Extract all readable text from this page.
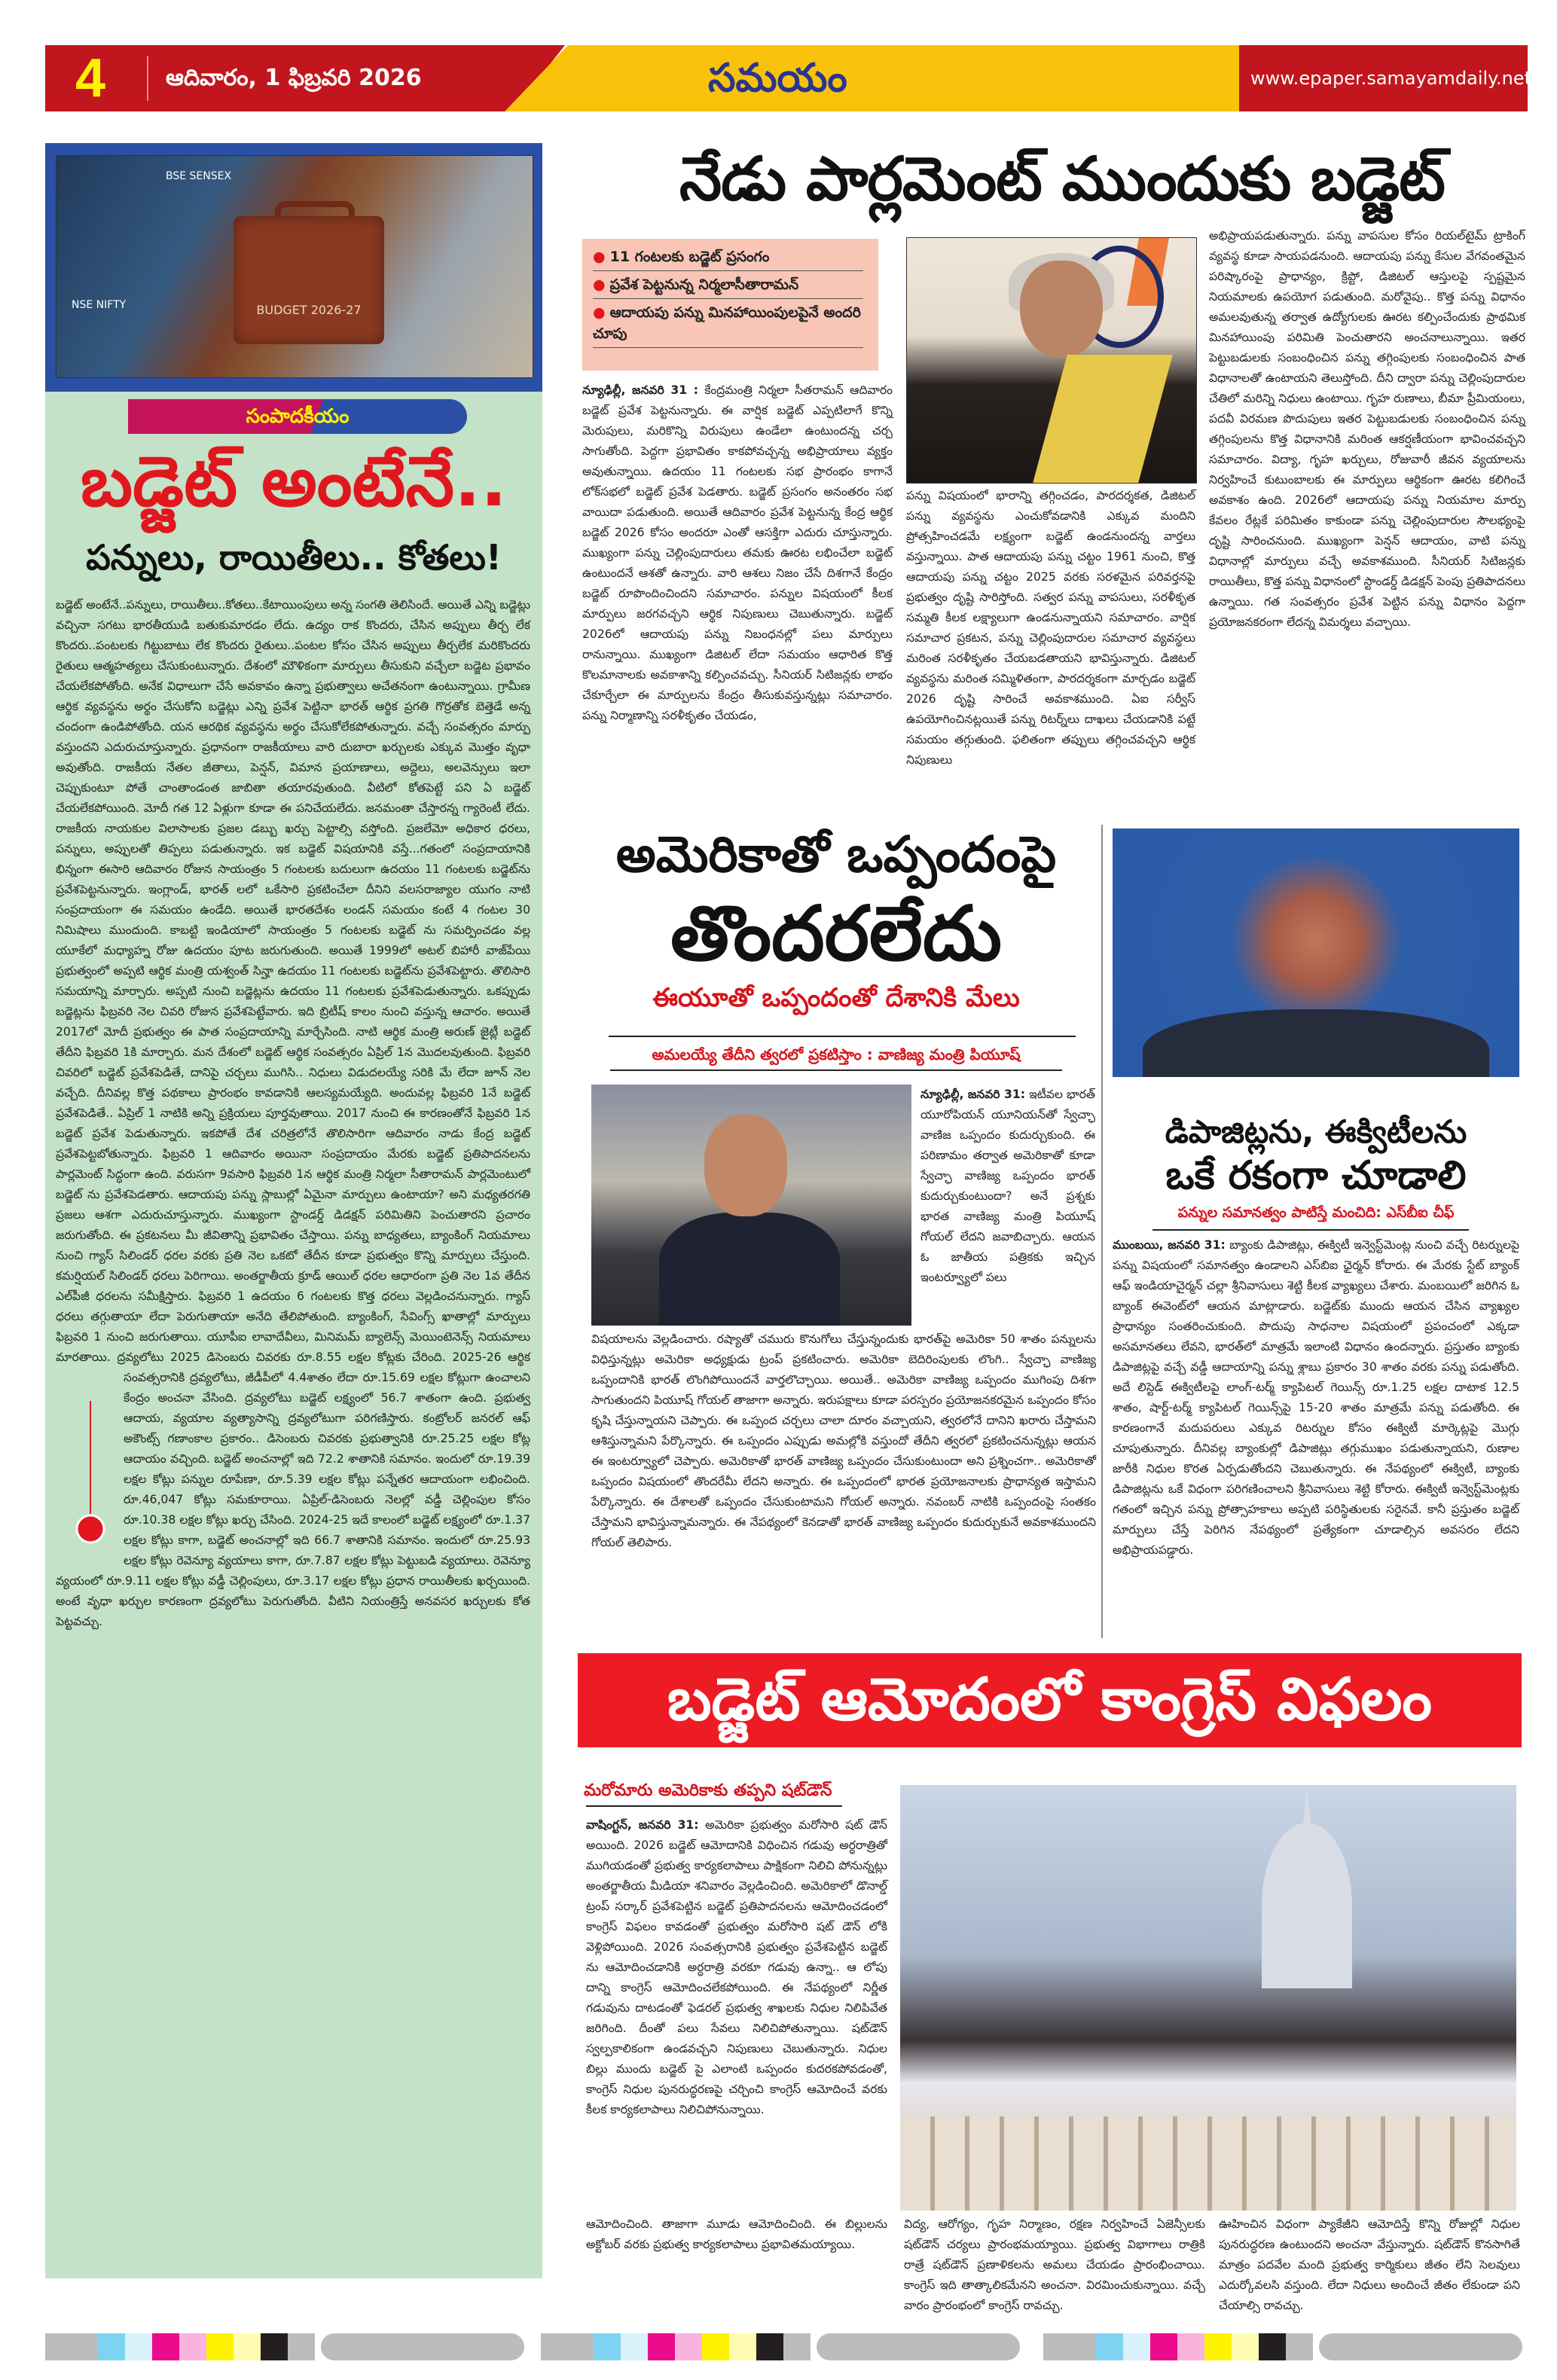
4	ఆదివారం, 1 ఫిబ్రవరి 2026	సమయం	www.epaper.samayamdaily.net
BSE SENSEX
NSE NIFTY	BUDGET 2026-27
సంపాదకీయం
బడ్జెట్ అంటేనే..
పన్నులు, రాయితీలు.. కోతలు!
బడ్జెట్ అంటేనే..పన్నులు, రాయితీలు..కోతలు..కేటాయింపులు అన్న సంగతి తెలిసిందే. అయితే ఎన్ని బడ్జెట్లు వచ్చినా సగటు భారతీయుడి బతుకుమారడం లేదు. ఉద్యం రాక కొందరు, చేసిన అప్పులు తీర్చ లేక కొందరు..పంటలకు గిట్టుబాటు లేక కొందరు రైతులు..పంటల కోసం చేసిన అప్పులు తీర్చలేక మరికొందరు రైతులు ఆత్మహత్యలు చేసుకుంటున్నారు. దేశంలో మౌళికంగా మార్పులు తీసుకుని వచ్చేలా బడ్జెట ప్రభావం చేయలేకపోతోంది. అనేక విధాలుగా చేసే అవకావం ఉన్నా ప్రభుత్వాలు అచేతనంగా ఉంటున్నాయి. గ్రామీణ ఆర్థిక వ్యవస్థను అర్థం చేసుకోని బడ్జెట్లు ఎన్ని ప్రవేశ పెట్టినా భారత్ ఆర్థిక ప్రగతి గొర్రతోక బెత్తెడే అన్న చందంగా ఉండిపోతోంది. యన ఆరథిక వ్యవస్థను అర్థం చేసుకోలేకపోతున్నారు. వచ్చే సంవత్సరం మార్పు వస్తుందని ఎదురుచూస్తున్నారు. ప్రధానంగా రాజకీయాలు వారి దుబారా ఖర్చులకు ఎక్కువ మొత్తం వృధా అవుతోంది. రాజకీయ నేతల జీతాలు, పెన్షన్, విమాన ప్రయాణాలు, అద్దెలు, అలవెన్సులు ఇలా చెప్పుకుంటూ పోతే చాంతాండంత జాబితా తయారవుతుంది. వీటిలో కోతపెట్టే పని ఏ బడ్జెట్ చేయలేకపోయింది. మోదీ గత 12 ఏళ్లుగా కూడా ఈ పనిచేయలేదు. జనమంతా చేస్తారన్న గ్యారెంటీ లేదు. రాజకీయ నాయకుల విలాసాలకు ప్రజల డబ్బు ఖర్చు పెట్టాల్సి వస్తోంది. ప్రజలేమో అధికార ధరలు, పన్నులు, అప్పులతో తిప్పలు పడుతున్నారు. ఇక బడ్జెట్ విషయానికి వస్తే...గతంలో సంప్రదాయానికి భిన్నంగా ఈసారి ఆదివారం రోజున సాయంత్రం 5 గంటలకు బదులుగా ఉదయం 11 గంటలకు బడ్జెట్‌ను ప్రవేశపెట్టనున్నారు. ఇంగ్లాండ్, భారత్ లలో ఒకేసారి ప్రకటించేలా దీనిని వలసరాజ్యాల యుగం నాటి సంప్రదాయంగా ఈ సమయం ఉండేది. అయితే భారతదేశం లండన్ సమయం కంటే 4 గంటల 30 నిమిషాలు ముందుంది. కాబట్టి ఇండియాలో సాయంత్రం 5 గంటలకు బడ్జెట్ ను సమర్పించడం వల్ల యూకేలో మధ్యాహ్న రోజు ఉదయం పూట జరుగుతుంది. అయితే 1999లో అటల్ బిహారీ వాజ్‌పేయి ప్రభుత్వంలో అప్పటి ఆర్థిక మంత్రి యశ్వంత్ సిన్హా ఉదయం 11 గంటలకు బడ్జెట్‌ను ప్రవేశపెట్టారు. తొలిసారి సమయాన్ని మార్చారు. అప్పటి నుంచి బడ్జెట్లను ఉదయం 11 గంటలకు ప్రవేశపెడుతున్నారు. ఒకప్పుడు బడ్జెట్లను ఫిబ్రవరి నెల చివరి రోజున ప్రవేశపెట్టేవారు. ఇది బ్రిటీష్ కాలం నుంచి వస్తున్న ఆచారం. అయితే 2017లో మోదీ ప్రభుత్వం ఈ పాత సంప్రదాయాన్ని మార్చేసింది. నాటి ఆర్థిక మంత్రి అరుణ్ జైట్లీ బడ్జెట్ తేదీని ఫిబ్రవరి 1కి మార్చారు. మన దేశంలో బడ్జెట్ ఆర్థిక సంవత్సరం ఏప్రిల్ 1న మొదలవుతుంది. ఫిబ్రవరి చివరిలో బడ్జెట్ ప్రవేశపెడితే, దానిపై చర్చలు ముగిసి.. నిధులు విడుదలయ్యే సరికి మే లేదా జూన్ నెల వచ్చేది. దీనివల్ల కొత్త పథకాలు ప్రారంభం కావడానికి ఆలస్యమయ్యేది. అందువల్ల ఫిబ్రవరి 1నే బడ్జెట్ ప్రవేశపెడితే.. ఏప్రిల్ 1 నాటికి అన్ని ప్రక్రియలు పూర్తవుతాయి. 2017 నుంచి ఈ కారణంతోనే ఫిబ్రవరి 1న బడ్జెట్ ప్రవేశ పెడుతున్నారు. ఇకపోతే దేశ చరిత్రలోనే తొలిసారిగా ఆదివారం నాడు కేంద్ర బడ్జెట్ ప్రవేశపెట్టబోతున్నారు. ఫిబ్రవరి 1 ఆదివారం అయినా సంప్రదాయం మేరకు బడ్జెట్ ప్రతిపాదనలను పార్లమెంట్ సిద్ధంగా ఉంది. వరుసగా 9వసారి ఫిబ్రవరి 1న ఆర్థిక మంత్రి నిర్మలా సీతారామన్ పార్లమెంటులో బడ్జెట్ ను ప్రవేశపెడతారు. ఆదాయపు పన్ను స్లాబుల్లో ఏమైనా మార్పులు ఉంటాయా? అని మధ్యతరగతి ప్రజలు ఆశగా ఎదురుచూస్తున్నారు. ముఖ్యంగా స్టాండర్డ్ డిడక్షన్ పరిమితిని పెంచుతారని ప్రచారం జరుగుతోంది. ఈ ప్రకటనలు మీ జీవితాన్ని ప్రభావితం చేస్తాయి. పన్ను బాధ్యతలు, బ్యాంకింగ్ నియమాలు నుంచి గ్యాస్ సిలిండర్ ధరల వరకు ప్రతి నెల ఒకటో తేదీన కూడా ప్రభుత్వం కొన్ని మార్పులు చేస్తుంది. కమర్షియల్ సిలిండర్ ధరలు పెరిగాయి. అంతర్జాతీయ క్రూడ్ ఆయిల్ ధరల ఆధారంగా ప్రతి నెల 1వ తేదీన ఎల్‌పీజీ ధరలను సమీక్షిస్తారు. ఫిబ్రవరి 1 ఉదయం 6 గంటలకు కొత్త ధరలు వెల్లడించనున్నారు. గ్యాస్ ధరలు తగ్గుతాయా లేదా పెరుగుతాయా అనేది తేలిపోతుంది. బ్యాంకింగ్, సేవింగ్స్ ఖాతాల్లో మార్పులు ఫిబ్రవరి 1 నుంచి జరుగుతాయి. యూపీఐ లావాదేవీలు, మినిమమ్ బ్యాలెన్స్ మెయింటెనెన్స్ నియమాలు మారతాయి. ద్రవ్యలోటు 2025 డిసెంబరు చివరకు రూ.8.55 లక్షల కోట్లకు చేరింది. 2025-26 ఆర్థిక సంవత్సరానికి ద్రవ్యలోటు, జీడీపీలో 4.4శాతం లేదా రూ.15.69 లక్షల కోట్లుగా ఉంచాలని కేంద్రం అంచనా వేసింది. ద్రవ్యలోటు బడ్జెట్ లక్ష్యంలో 56.7 శాతంగా ఉంది. ప్రభుత్వ ఆదాయ, వ్యయాల వ్యత్యాసాన్ని ద్రవ్యలోటుగా పరిగణిస్తారు. కంట్రోలర్ జనరల్ ఆఫ్ అకౌంట్స్ గణాంకాల ప్రకారం.. డిసెంబరు చివరకు ప్రభుత్వానికి రూ.25.25 లక్షల కోట్ల ఆదాయం వచ్చింది. బడ్జెట్ అంచనాల్లో ఇది 72.2 శాతానికి సమానం. ఇందులో రూ.19.39 లక్షల కోట్లు పన్నుల రూపేణా, రూ.5.39 లక్షల కోట్లు పన్నేతర ఆదాయంగా లభించింది. రూ.46,047 కోట్లు సమకూరాయి. ఏప్రిల్-డిసెంబరు నెలల్లో వడ్డీ చెల్లింపుల కోసం రూ.10.38 లక్షల కోట్లు ఖర్చు చేసింది. 2024-25 ఇదే కాలంలో బడ్జెట్ లక్ష్యంలో రూ.1.37 లక్షల కోట్లు కాగా, బడ్జెట్ అంచనాల్లో ఇది 66.7 శాతానికి సమానం. ఇందులో రూ.25.93 లక్షల కోట్లు రెవెన్యూ వ్యయాలు కాగా, రూ.7.87 లక్షల కోట్లు పెట్టుబడి వ్యయాలు. రెవెన్యూ వ్యయంలో రూ.9.11 లక్షల కోట్లు వడ్డీ చెల్లింపులు, రూ.3.17 లక్షల కోట్లు ప్రధాన రాయితీలకు ఖర్చయింది. అంటే వృధా ఖర్చుల కారణంగా ద్రవ్యలోటు పెరుగుతోంది. వీటిని నియంత్రిస్తే అనవసర ఖర్చులకు కోత పెట్టవచ్చు.
నేడు పార్లమెంట్ ముందుకు బడ్జెట్
● 11 గంటలకు బడ్జెట్ ప్రసంగం
● ప్రవేశ పెట్టనున్న నిర్మలాసీతారామన్
● ఆదాయపు పన్ను మినహాయింపులపైనే అందరి చూపు
న్యూఢిల్లీ, జనవరి 31 : కేంద్రమంత్రి నిర్మలా సీతరామన్ ఆదివారం బడ్జెట్ ప్రవేశ పెట్టనున్నారు. ఈ వార్షిక బడ్జెట్ ఎప్పటిలాగే కొన్ని మెరుపులు, మరికొన్ని విరుపులు ఉండేలా ఉంటుందన్న చర్చ సాగుతోంది. పెద్దగా ప్రభావితం కాకపోవచ్చన్న అభిప్రాయాలు వ్యక్తం అవుతున్నాయి. ఉదయం 11 గంటలకు సభ ప్రారంభం కాగానే లోక్‌సభలో బడ్జెట్ ప్రవేశ పెడతారు. బడ్జెట్ ప్రసంగం అనంతరం సభ వాయిదా పడుతుంది. అయితే ఆదివారం ప్రవేశ పెట్టనున్న కేంద్ర ఆర్థిక బడ్జెట్ 2026 కోసం అందరూ ఎంతో ఆసక్తిగా ఎదురు చూస్తున్నారు. ముఖ్యంగా పన్ను చెల్లింపుదారులు తమకు ఊరట లభించేలా బడ్జెట్ ఉంటుందనే ఆశతో ఉన్నారు. వారి ఆశలు నిజం చేసే దిశగానే కేంద్రం బడ్జెట్ రూపొందించిందని సమాచారం. పన్నుల విషయంలో కీలక మార్పులు జరగవచ్చని ఆర్థిక నిపుణులు చెబుతున్నారు. బడ్జెట్ 2026లో ఆదాయపు పన్ను నిబంధనల్లో పలు మార్పులు రానున్నాయి. ముఖ్యంగా డిజిటల్ లేదా సమయం ఆధారిత కొత్త కొలమానాలకు అవకాశాన్ని కల్పించవచ్చు. సీనియర్ సిటిజన్లకు లాభం చేకూర్చేలా ఈ మార్పులను కేంద్రం తీసుకువస్తున్నట్లు సమాచారం. పన్ను నిర్మాణాన్ని సరళీకృతం చేయడం,
పన్ను విషయంలో భారాన్ని తగ్గించడం, పారదర్శకత, డిజిటల్ పన్ను వ్యవస్థను ఎంచుకోవడానికి ఎక్కువ మందిని ప్రోత్సహించడమే లక్ష్యంగా బడ్జెట్ ఉండనుందన్న వార్తలు వస్తున్నాయి. పాత ఆదాయపు పన్ను చట్టం 1961 నుంచి, కొత్త ఆదాయపు పన్ను చట్టం 2025 వరకు సరళమైన పరివర్తనపై ప్రభుత్వం దృష్టి సారిస్తోంది. సత్వర పన్ను వాపసులు, సరళీకృత సమ్మతి కీలక లక్ష్యాలుగా ఉండనున్నాయని సమాచారం. వార్షిక సమాచార ప్రకటన, పన్ను చెల్లింపుదారుల సమాచార వ్యవస్థలు మరింత సరళీకృతం చేయబడతాయని భావిస్తున్నారు. డిజిటల్ వ్యవస్థను మరింత సమ్మిళితంగా, పారదర్శకంగా మార్చడం బడ్జెట్ 2026 దృష్టి సారించే అవకాశముంది. ఏఐ సర్వీస్ ఉపయోగించినట్లయితే పన్ను రిటర్న్‌లు దాఖలు చేయడానికి పట్టే సమయం తగ్గుతుంది. ఫలితంగా తప్పులు తగ్గించవచ్చని ఆర్థిక నిపుణులు
అభిప్రాయపడుతున్నారు. పన్ను వాపసుల కోసం రియల్‌టైమ్ ట్రాకింగ్ వ్యవస్థ కూడా సాయపడనుంది. ఆదాయపు పన్ను కేసుల వేగవంతమైన పరిష్కారంపై ప్రాధాన్యం, క్రిప్టో, డిజిటల్ ఆస్తులపై స్పష్టమైన నియమాలకు ఉపయోగ పడుతుంది. మరోవైపు.. కొత్త పన్ను విధానం అమలవుతున్న తర్వాత ఉద్యోగులకు ఊరట కల్పించేందుకు ప్రాథమిక మినహాయింపు పరిమితి పెంచుతారని అంచనాలున్నాయి. ఇతర పెట్టుబడులకు సంబంధించిన పన్ను తగ్గింపులకు సంబంధించిన పాత విధానాలతో ఉంటాయని తెలుస్తోంది. దీని ద్వారా పన్ను చెల్లింపుదారుల చేతిలో మరిన్ని నిధులు ఉంటాయి. గృహ రుణాలు, బీమా ప్రీమియంలు, పదవీ విరమణ పొదుపులు ఇతర పెట్టుబడులకు సంబంధించిన పన్ను తగ్గింపులను కొత్త విధానానికి మరింత ఆకర్షణీయంగా భావించవచ్చని సమాచారం. విద్యా, గృహ ఖర్చులు, రోజువారీ జీవన వ్యయాలను నిర్వహించే కుటుంబాలకు ఈ మార్పులు ఆర్థికంగా ఊరట కలిగించే అవకాశం ఉంది. 2026లో ఆదాయపు పన్ను నియమాల మార్పు కేవలం రేట్లకే పరిమితం కాకుండా పన్ను చెల్లింపుదారుల సౌలభ్యంపై దృష్టి సారించనుంది. ముఖ్యంగా పెన్షన్ ఆదాయం, వాటి పన్ను విధానాల్లో మార్పులు వచ్చే అవకాశముంది. సీనియర్ సిటిజన్లకు రాయితీలు, కొత్త పన్ను విధానంలో స్టాండర్డ్ డిడక్షన్ పెంపు ప్రతిపాదనలు ఉన్నాయి. గత సంవత్సరం ప్రవేశ పెట్టిన పన్ను విధానం పెద్దగా ప్రయోజనకరంగా లేదన్న విమర్శలు వచ్చాయి.
అమెరికాతో ఒప్పందంపై
తొందరలేదు
ఈయూతో ఒప్పందంతో దేశానికి మేలు
అమలయ్యే తేదీని త్వరలో ప్రకటిస్తాం : వాణిజ్య మంత్రి పియూష్
న్యూఢిల్లీ, జనవరి 31: ఇటీవల భారత్ యూరోపియన్ యూనియన్‌తో స్వేచ్ఛా వాణిజ ఒప్పందం కుదుర్చుకుంది. ఈ పరిణామం తర్వాత అమెరికాతో కూడా స్వేచ్ఛా వాణిజ్య ఒప్పందం భారత్ కుదుర్చుకుంటుందా? అనే ప్రశ్నకు భారత వాణిజ్య మంత్రి పియూష్ గోయల్ లేదని జవాబిచ్చారు. ఆయన ఓ జాతీయ పత్రికకు ఇచ్చిన ఇంటర్వ్యూలో పలు
విషయాలను వెల్లడించారు. రష్యాతో చమురు కొనుగోలు చేస్తున్నందుకు భారత్‌పై అమెరికా 50 శాతం పన్నులను విధిస్తున్నట్లు అమెరికా అధ్యక్షుడు ట్రంప్ ప్రకటించారు. అమెరికా బెదిరింపులకు లొంగి.. స్వేచ్ఛా వాణిజ్య ఒప్పందానికి భారత్ లొంగిపోయిందనే వార్తలొచ్చాయి. అయితే.. అమెరికా వాణిజ్య ఒప్పందం ముగింపు దిశగా సాగుతుందని పియూష్ గోయల్ తాజాగా అన్నారు. ఇరుపక్షాలు కూడా పరస్పరం ప్రయోజనకరమైన ఒప్పందం కోసం కృషి చేస్తున్నాయని చెప్పారు. ఈ ఒప్పంద చర్చలు చాలా దూరం వచ్చాయని, త్వరలోనే దానిని ఖరారు చేస్తామని ఆశిస్తున్నామని పేర్కొన్నారు. ఈ ఒప్పందం ఎప్పుడు అమల్లోకి వస్తుందో తేదీని త్వరలో ప్రకటించనున్నట్లు ఆయన ఈ ఇంటర్వ్యూలో చెప్పారు. అమెరికాతో భారత్ వాణిజ్య ఒప్పందం చేసుకుంటుందా అని ప్రశ్నించగా.. అమెరికాతో ఒప్పందం విషయంలో తొందరేమీ లేదని అన్నారు. ఈ ఒప్పందంలో భారత ప్రయోజనాలకు ప్రాధాన్యత ఇస్తామని పేర్కొన్నారు. ఈ దేశాలతో ఒప్పందం చేసుకుంటామని గోయల్ అన్నారు. నవంబర్ నాటికి ఒప్పందంపై సంతకం చేస్తామని భావిస్తున్నామన్నారు. ఈ నేపథ్యంలో కెనడాతో భారత్ వాణిజ్య ఒప్పందం కుదుర్చుకునే అవకాశముందని గోయల్ తెలిపారు.
డిపాజిట్లను, ఈక్విటీలను
ఒకే రకంగా చూడాలి
పన్నుల సమానత్వం పాటిస్తే మంచిది: ఎస్‌బీఐ చీఫ్
ముంబయి, జనవరి 31: బ్యాంకు డిపాజిట్లు, ఈక్విటీ ఇన్వెస్ట్‌మెంట్ల నుంచి వచ్చే రిటర్నులపై పన్ను విషయంలో సమానత్వం ఉండాలని ఎస్‌బిఐ ఛైర్మన్ కోరారు. ఈ మేరకు స్టేట్ బ్యాంక్ ఆఫ్ ఇండియాచైర్మన్ చల్లా శ్రీనివాసులు శెట్టి కీలక వ్యాఖ్యలు చేశారు. మంబయిలో జరిగిన ఓ బ్యాంక్ ఈవెంట్‌లో ఆయన మాట్లాడారు. బడ్జెట్‌కు ముందు ఆయన చేసిన వ్యాఖ్యల ప్రాధాన్యం సంతరించుకుంది. పొదుపు సాధనాల విషయంలో ప్రపంచంలో ఎక్కడా అసమానతలు లేవని, భారత్‌లో మాత్రమే ఇలాంటి విధానం ఉందన్నారు. ప్రస్తుతం బ్యాంకు డిపాజిట్లపై వచ్చే వడ్డీ ఆదాయాన్ని పన్ను శ్లాబు ప్రకారం 30 శాతం వరకు పన్ను పడుతోంది. అదే లిస్టెడ్ ఈక్విటీలపై లాంగ్-టర్మ్ క్యాపిటల్ గెయిన్స్ రూ.1.25 లక్షల దాటాక 12.5 శాతం, షార్ట్-టర్మ్ క్యాపిటల్ గెయిన్స్‌పై 15-20 శాతం మాత్రమే పన్ను పడుతోంది. ఈ కారణంగానే మదుపరులు ఎక్కువ రిటర్నుల కోసం ఈక్విటీ మార్కెట్లపై మొగ్గు చూపుతున్నారు. దీనివల్ల బ్యాంకుల్లో డిపాజిట్లు తగ్గుముఖం పడుతున్నాయని, రుణాల జారీకి నిధుల కొరత ఏర్పడుతోందని చెబుతున్నారు. ఈ నేపథ్యంలో ఈక్విటీ, బ్యాంకు డిపాజిట్లను ఒకే విధంగా పరిగణించాలని శ్రీనివాసులు శెట్టి కోరారు. ఈక్విటీ ఇన్వెస్ట్‌మెంట్లకు గతంలో ఇచ్చిన పన్ను ప్రోత్సాహకాలు అప్పటి పరిస్థితులకు సరైనవే. కానీ ప్రస్తుతం బడ్జెట్ మార్పులు చేస్తే పెరిగిన నేపథ్యంలో ప్రత్యేకంగా చూడాల్సిన అవసరం లేదని అభిప్రాయపడ్డారు.
బడ్జెట్ ఆమోదంలో కాంగ్రెస్ విఫలం
మరోమారు అమెరికాకు తప్పని షట్‌డౌన్
వాషింగ్టన్, జనవరి 31: అమెరికా ప్రభుత్వం మరోసారి షట్ డౌన్ అయింది. 2026 బడ్జెట్ ఆమోదానికి విధించిన గడువు అర్ధరాత్రితో ముగియడంతో ప్రభుత్వ కార్యకలాపాలు పాక్షికంగా నిలిచి పోనున్నట్లు అంతర్జాతీయ మీడియా శనివారం వెల్లడించింది. అమెరికాలో డొనాల్డ్ ట్రంప్ సర్కార్ ప్రవేశపెట్టిన బడ్జెట్ ప్రతిపాదనలను ఆమోదించడంలో కాంగ్రెస్ విఫలం కావడంతో ప్రభుత్వం మరోసారి షట్ డౌన్ లోకి వెళ్లిపోయింది. 2026 సంవత్సరానికి ప్రభుత్వం ప్రవేశపెట్టిన బడ్జెట్ ను ఆమోదించడానికి అర్ధరాత్రి వరకూ గడువు ఉన్నా.. ఆ లోపు దాన్ని కాంగ్రెస్ ఆమోదించలేకపోయింది. ఈ నేపథ్యంలో నిర్ణీత గడువును దాటడంతో ఫెడరల్ ప్రభుత్వ శాఖలకు నిధుల నిలిపివేత జరిగింది. దీంతో పలు సేవలు నిలిచిపోతున్నాయి. షట్‌డౌన్ స్వల్పకాలికంగా ఉండవచ్చని నిపుణులు చెబుతున్నారు. నిధుల బిల్లు ముందు బడ్జెట్ పై ఎలాంటి ఒప్పందం కుదరకపోవడంతో, కాంగ్రెస్ నిధుల పునరుద్ధరణపై చర్చించి కాంగ్రెస్ ఆమోదించే వరకు కీలక కార్యకలాపాలు నిలిచిపోనున్నాయి.
ఆమోదించింది. తాజాగా మూడు ఆమోదించింది. ఈ బిల్లులను అక్టోబర్ వరకు ప్రభుత్వ కార్యకలాపాలు ప్రభావితమయ్యాయి.
విద్య, ఆరోగ్యం, గృహ నిర్మాణం, రక్షణ నిర్వహించే ఏజెన్సీలకు షట్‌డౌన్ చర్యలు ప్రారంభమయ్యాయి. ప్రభుత్వ విభాగాలు రాత్రికి రాత్రే షట్‌డౌన్ ప్రణాళికలను అమలు చేయడం ప్రారంభించాయి. కాంగ్రెస్ ఇది తాత్కాలికమేనని అంచనా. విరమించుకున్నాయి. వచ్చే వారం ప్రారంభంలో కాంగ్రెస్ రావచ్చు.
ఊహించిన విధంగా ప్యాకేజీని ఆమోదిస్తే కొన్ని రోజుల్లో నిధుల పునరుద్ధరణ ఉంటుందని అంచనా వేస్తున్నారు. షట్‌డౌన్ కొనసాగితే మాత్రం పదవేల మంది ప్రభుత్వ కార్మికులు జీతం లేని సెలవులు ఎదుర్కోవలసి వస్తుంది. లేదా నిధులు అందించే జీతం లేకుండా పని చేయాల్సి రావచ్చు.
